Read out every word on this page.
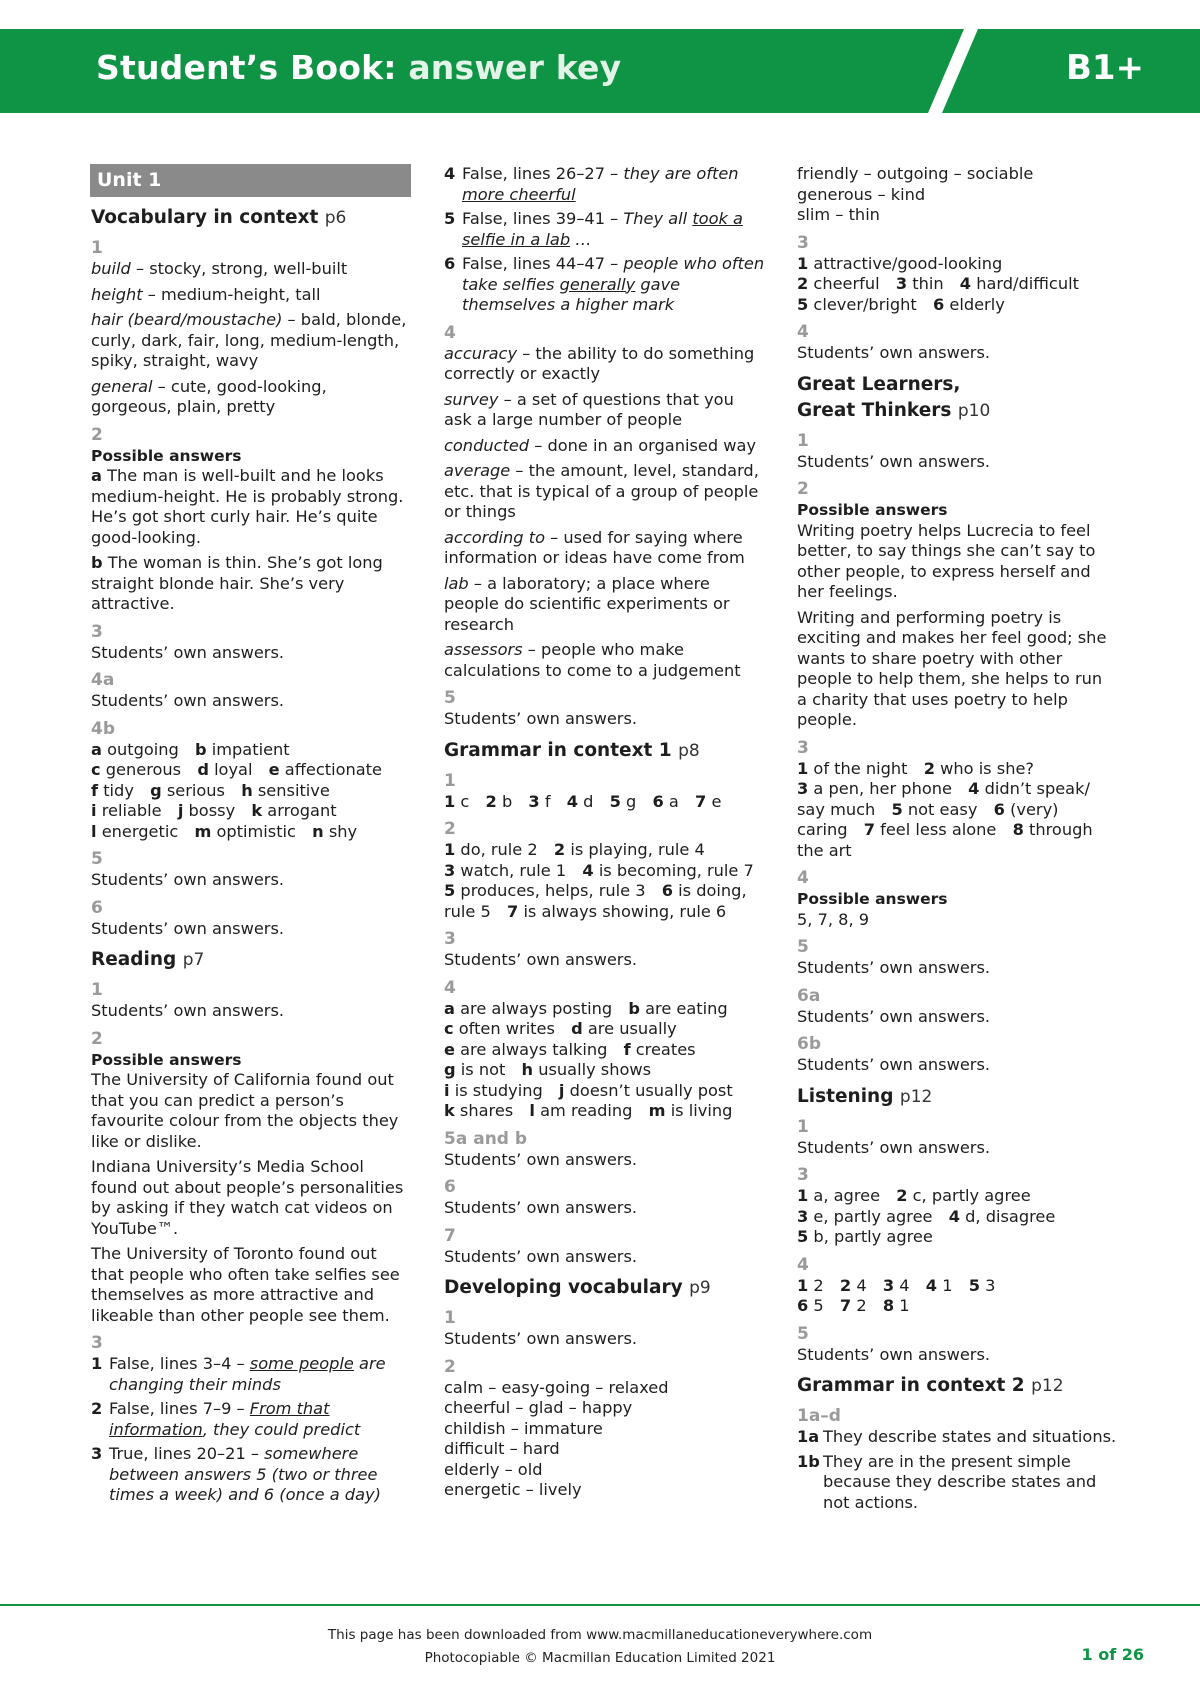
Student’s Book: answer key	B1+
Unit 1
Vocabulary in context p6
1

build – stocky, strong, well-built

height – medium-height, tall

hair (beard/moustache) – bald, blonde, curly, dark, fair, long, medium-length, spiky, straight, wavy

general – cute, good-looking, gorgeous, plain, pretty

2
Possible answers

a The man is well-built and he looks medium-height. He is probably strong. He’s got short curly hair. He’s quite good-looking.

b The woman is thin. She’s got long straight blonde hair. She’s very attractive.

3

Students’ own answers.

4a

Students’ own answers.

4b
a outgoing  b impatient
c generous  d loyal  e affectionate
f tidy  g serious  h sensitive
i reliable  j bossy  k arrogant
l energetic  m optimistic  n shy
5

Students’ own answers.

6

Students’ own answers.

Reading p7
1

Students’ own answers.

2
Possible answers

The University of California found out that you can predict a person’s favourite colour from the objects they like or dislike.

Indiana University’s Media School found out about people’s personalities by asking if they watch cat videos on YouTube™.

The University of Toronto found out that people who often take selfies see themselves as more attractive and likeable than other people see them.

3
1 False, lines 3–4 – some people are changing their minds
2 False, lines 7–9 – From that information, they could predict
3 True, lines 20–21 – somewhere between answers 5 (two or three times a week) and 6 (once a day)
4 False, lines 26–27 – they are often more cheerful
5 False, lines 39–41 – They all took a selfie in a lab …
6 False, lines 44–47 – people who often take selfies generally gave themselves a higher mark
4

accuracy – the ability to do something correctly or exactly

survey – a set of questions that you ask a large number of people

conducted – done in an organised way

average – the amount, level, standard, etc. that is typical of a group of people or things

according to – used for saying where information or ideas have come from

lab – a laboratory; a place where people do scientific experiments or research

assessors – people who make calculations to come to a judgement

5

Students’ own answers.

Grammar in context 1 p8
1
1 c  2 b  3 f  4 d  5 g  6 a  7 e
2
1 do, rule 2  2 is playing, rule 4
3 watch, rule 1  4 is becoming, rule 7
5 produces, helps, rule 3  6 is doing,
rule 5  7 is always showing, rule 6
3

Students’ own answers.

4
a are always posting  b are eating
c often writes  d are usually
e are always talking  f creates
g is not  h usually shows
i is studying  j doesn’t usually post
k shares  l am reading  m is living
5a and b

Students’ own answers.

6

Students’ own answers.

7

Students’ own answers.

Developing vocabulary p9
1

Students’ own answers.

2
calm – easy-going – relaxed
cheerful – glad – happy
childish – immature
difficult – hard
elderly – old
energetic – lively
friendly – outgoing – sociable
generous – kind
slim – thin
3
1 attractive/good-looking
2 cheerful  3 thin  4 hard/difficult
5 clever/bright  6 elderly
4

Students’ own answers.

Great Learners,
Great Thinkers p10
1

Students’ own answers.

2
Possible answers

Writing poetry helps Lucrecia to feel better, to say things she can’t say to other people, to express herself and her feelings.

Writing and performing poetry is exciting and makes her feel good; she wants to share poetry with other people to help them, she helps to run a charity that uses poetry to help people.

3
1 of the night  2 who is she?
3 a pen, her phone  4 didn’t speak/
say much  5 not easy  6 (very)
caring  7 feel less alone  8 through
the art
4
Possible answers

5, 7, 8, 9

5

Students’ own answers.

6a

Students’ own answers.

6b

Students’ own answers.

Listening p12
1

Students’ own answers.

3
1 a, agree  2 c, partly agree
3 e, partly agree  4 d, disagree
5 b, partly agree
4
1 2  2 4  3 4  4 1  5 3
6 5  7 2  8 1
5

Students’ own answers.

Grammar in context 2 p12
1a–d
1a They describe states and situations.
1b They are in the present simple because they describe states and not actions.
This page has been downloaded from www.macmillaneducationeverywhere.com
Photocopiable © Macmillan Education Limited 2021	1 of 26
